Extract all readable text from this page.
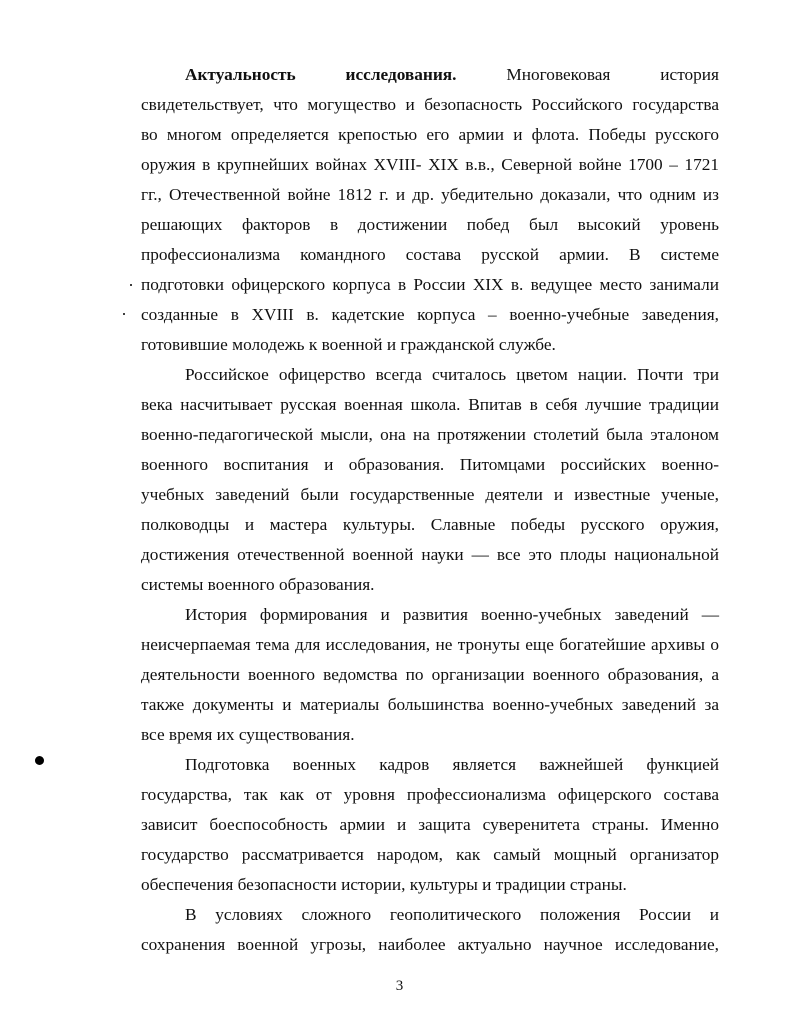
Актуальность исследования.	Многовековая история
свидетельствует, что могущество и безопасность Российского государства
во многом определяется крепостью его армии и флота. Победы русского
оружия в крупнейших войнах XVIII- XIX в.в., Северной войне 1700 – 1721
гг., Отечественной войне 1812 г. и др. убедительно доказали, что одним из
решающих факторов в достижении побед был высокий уровень
профессионализма командного состава русской армии. В системе
подготовки офицерского корпуса в России XIX в. ведущее место занимали
созданные в XVIII в. кадетские корпуса – военно-учебные заведения,
готовившие молодежь к военной и гражданской службе.
Российское офицерство всегда считалось цветом нации. Почти три
века насчитывает русская военная школа. Впитав в себя лучшие традиции
военно-педагогической мысли, она на протяжении столетий была эталоном
военного воспитания и образования. Питомцами российских военно-
учебных заведений были государственные деятели и известные ученые,
полководцы и мастера культуры. Славные победы русского оружия,
достижения отечественной военной науки — все это плоды национальной
системы военного образования.
История формирования и развития военно-учебных заведений —
неисчерпаемая тема для исследования, не тронуты еще богатейшие архивы о
деятельности военного ведомства по организации военного образования, а
также документы и материалы большинства военно-учебных заведений за
все время их существования.
Подготовка военных кадров является важнейшей функцией
государства, так как от уровня профессионализма офицерского состава
зависит боеспособность армии и защита суверенитета страны. Именно
государство рассматривается народом, как самый мощный организатор
обеспечения безопасности истории, культуры и традиции страны.
В условиях сложного геополитического положения России и
сохранения военной угрозы, наиболее актуально научное исследование,
3
